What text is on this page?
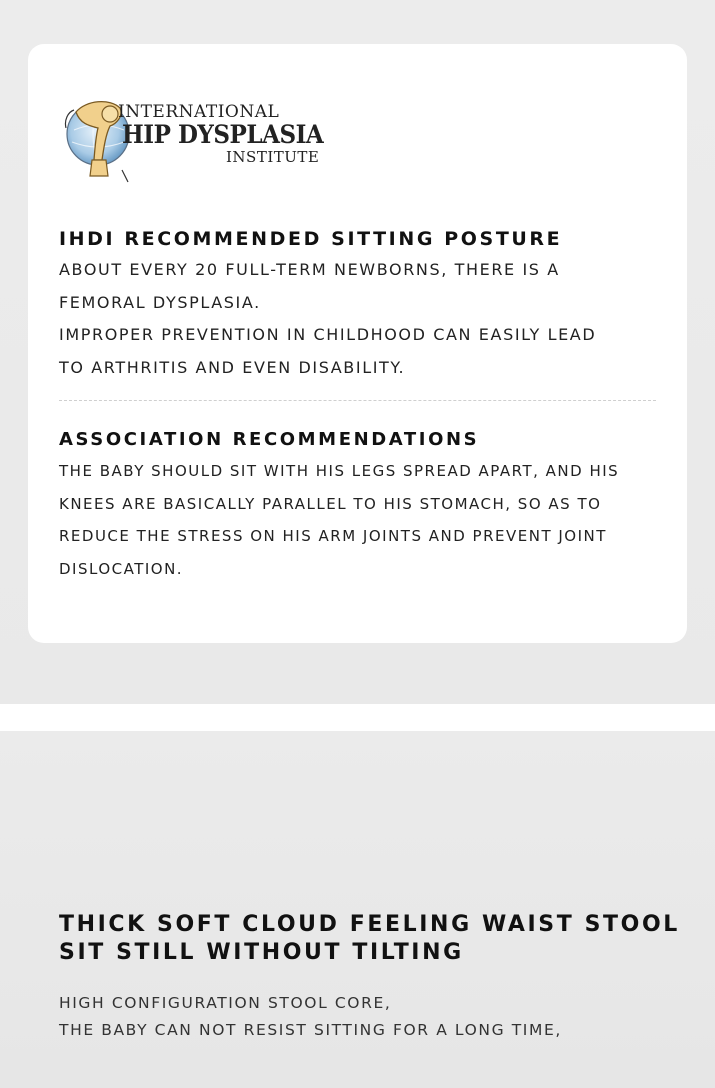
INTERNATIONAL
HIP DYSPLASIA
INSTITUTE
IHDI RECOMMENDED SITTING POSTURE
ABOUT EVERY 20 FULL-TERM NEWBORNS, THERE IS A
FEMORAL DYSPLASIA.
IMPROPER PREVENTION IN CHILDHOOD CAN EASILY LEAD
TO ARTHRITIS AND EVEN DISABILITY.
ASSOCIATION RECOMMENDATIONS
THE BABY SHOULD SIT WITH HIS LEGS SPREAD APART, AND HIS
KNEES ARE BASICALLY PARALLEL TO HIS STOMACH, SO AS TO
REDUCE THE STRESS ON HIS ARM JOINTS AND PREVENT JOINT
DISLOCATION.
THICK SOFT CLOUD FEELING WAIST STOOL
SIT STILL WITHOUT TILTING
HIGH CONFIGURATION STOOL CORE,
THE BABY CAN NOT RESIST SITTING FOR A LONG TIME,
